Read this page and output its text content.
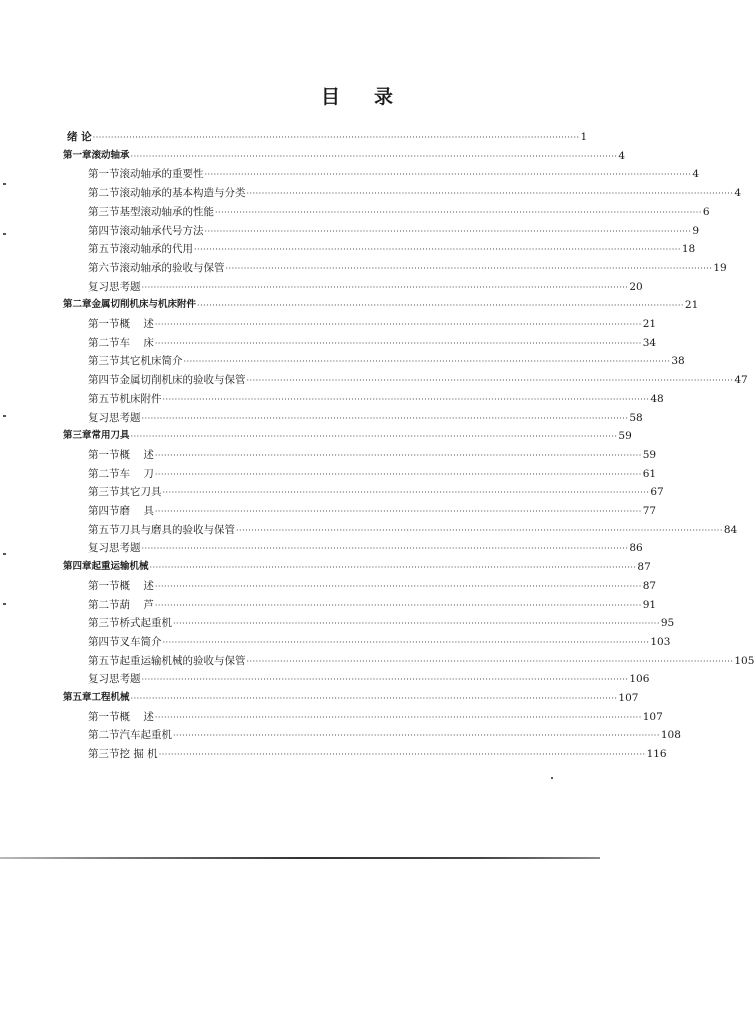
目 录
绪 论 ································································································································································ 1
第一章 滚动轴承 ································································································································································ 4
第一节 滚动轴承的重要性 ································································································································································ 4
第二节 滚动轴承的基本构造与分类 ································································································································································ 4
第三节 基型滚动轴承的性能 ································································································································································ 6
第四节 滚动轴承代号方法 ································································································································································ 9
第五节 滚动轴承的代用 ································································································································································ 18
第六节 滚动轴承的验收与保管 ································································································································································ 19
复习思考题 ································································································································································ 20
第二章 金属切削机床与机床附件 ································································································································································ 21
第一节 概    述 ································································································································································ 21
第二节 车    床 ································································································································································ 34
第三节 其它机床简介 ································································································································································ 38
第四节 金属切削机床的验收与保管 ································································································································································ 47
第五节 机床附件 ································································································································································ 48
复习思考题 ································································································································································ 58
第三章 常用刀具 ································································································································································ 59
第一节 概    述 ································································································································································ 59
第二节 车    刀 ································································································································································ 61
第三节 其它刀具 ································································································································································ 67
第四节 磨    具 ································································································································································ 77
第五节 刀具与磨具的验收与保管 ································································································································································ 84
复习思考题 ································································································································································ 86
第四章 起重运输机械 ································································································································································ 87
第一节 概    述 ································································································································································ 87
第二节 葫    芦 ································································································································································ 91
第三节 桥式起重机 ································································································································································ 95
第四节 叉车简介 ································································································································································ 103
第五节 起重运输机械的验收与保管 ································································································································································ 105
复习思考题 ································································································································································ 106
第五章 工程机械 ································································································································································ 107
第一节 概    述 ································································································································································ 107
第二节 汽车起重机 ································································································································································ 108
第三节 挖 掘 机 ································································································································································ 116
